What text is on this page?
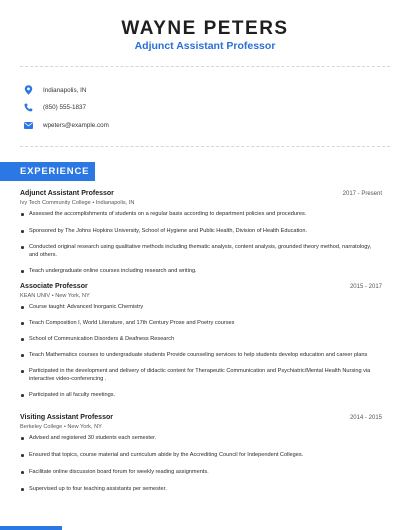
WAYNE PETERS
Adjunct Assistant Professor
Indianapolis, IN
(850) 555-1837
wpeters@example.com
EXPERIENCE
Adjunct Assistant Professor	2017 - Present
Ivy Tech Community College • Indianapolis, IN
Assessed the accomplishments of students on a regular basis according to department policies and procedures.
Sponsored by The Johns Hopkins University, School of Hygiene and Public Health, Division of Health Education.
Conducted original research using qualitative methods including thematic analysis, content analysis, grounded theory method, narratology, and others.
Teach undergraduate online courses including research and writing.
Associate Professor	2015 - 2017
KEAN UNIV • New York, NY
Course taught: Advanced Inorganic Chemistry
Teach Composition I, World Literature, and 17th Century Prose and Poetry courses
School of Communication Disorders & Deafness Research
Teach Mathematics courses to undergraduate students Provide counseling services to help students develop education and career plans
Participated in the development and delivery of didactic content for Therapeutic Communication and Psychiatric/Mental Health Nursing via interactive video-conferencing .
Participated in all faculty meetings.
Visiting Assistant Professor	2014 - 2015
Berkeley College • New York, NY
Advised and registered 30 students each semester.
Ensured that topics, course material and curriculum abide by the Accrediting Council for Independent Colleges.
Facilitate online discussion board forum for weekly reading assignments.
Supervised up to four teaching assistants per semester.
